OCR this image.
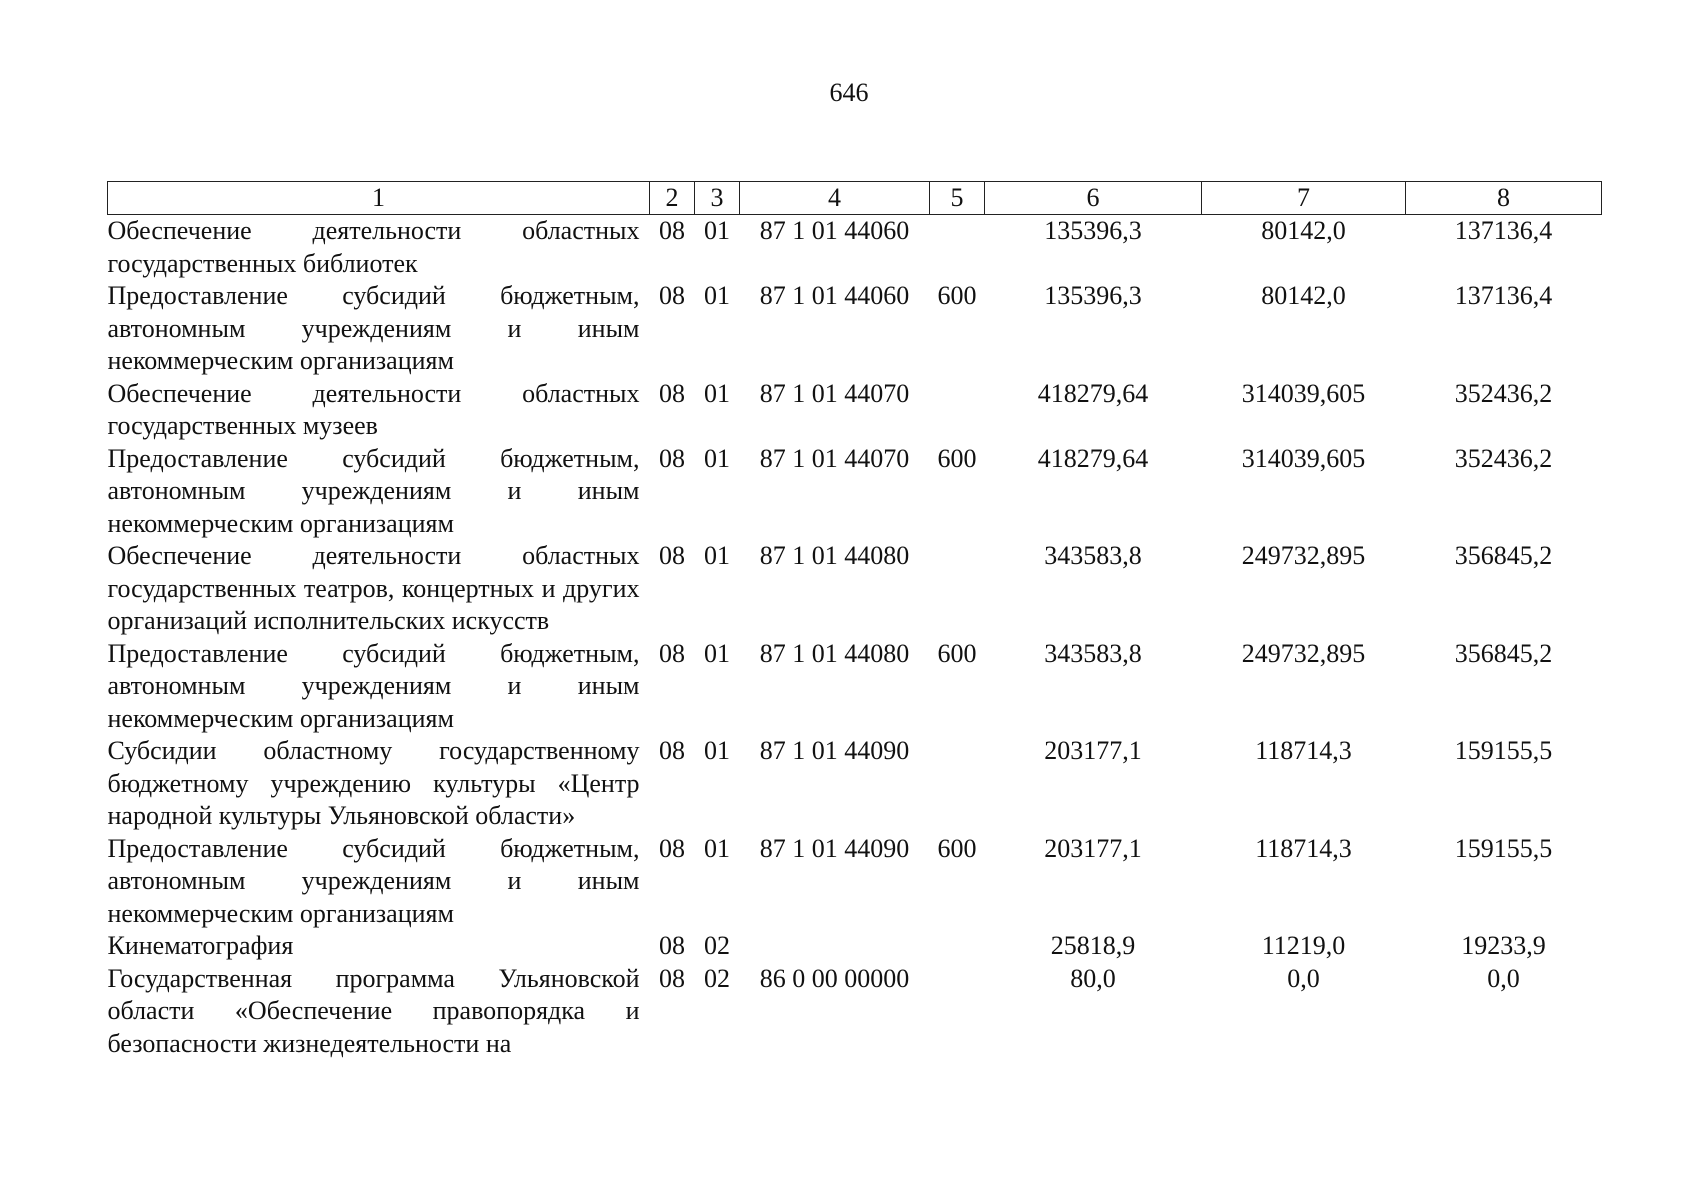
646
1	2	3	4	5	6	7	8
Обеспечение деятельности областных государственных библиотек	08	01	87 1 01 44060		135396,3	80142,0	137136,4
Предоставление субсидий бюджетным, автономным учреждениям и иным некоммерческим организациям	08	01	87 1 01 44060	600	135396,3	80142,0	137136,4
Обеспечение деятельности областных государственных музеев	08	01	87 1 01 44070		418279,64	314039,605	352436,2
Предоставление субсидий бюджетным, автономным учреждениям и иным некоммерческим организациям	08	01	87 1 01 44070	600	418279,64	314039,605	352436,2
Обеспечение деятельности областных государственных театров, концертных и других организаций исполнительских искусств	08	01	87 1 01 44080		343583,8	249732,895	356845,2
Предоставление субсидий бюджетным, автономным учреждениям и иным некоммерческим организациям	08	01	87 1 01 44080	600	343583,8	249732,895	356845,2
Субсидии областному государственному бюджетному учреждению культуры «Центр народной культуры Ульяновской области»	08	01	87 1 01 44090		203177,1	118714,3	159155,5
Предоставление субсидий бюджетным, автономным учреждениям и иным некоммерческим организациям	08	01	87 1 01 44090	600	203177,1	118714,3	159155,5
Кинематография	08	02			25818,9	11219,0	19233,9
Государственная программа Ульяновской области «Обеспечение правопорядка и безопасности жизнедеятельности на	08	02	86 0 00 00000		80,0	0,0	0,0
